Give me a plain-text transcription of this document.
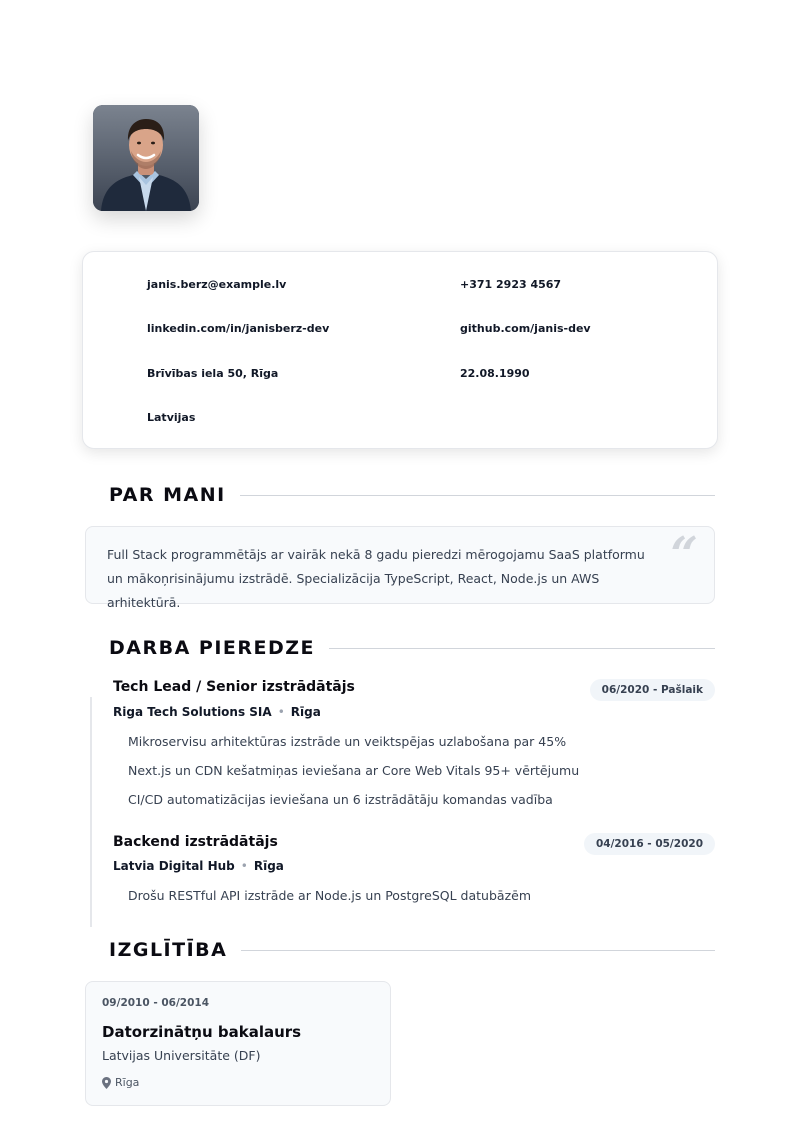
janis.berz@example.lv	+371 2923 4567
linkedin.com/in/janisberz-dev	github.com/janis-dev
Brīvības iela 50, Rīga	22.08.1990
Latvijas
PAR MANI
“
Full Stack programmētājs ar vairāk nekā 8 gadu pieredzi mērogojamu SaaS platformu un mākoņrisinājumu izstrādē. Specializācija TypeScript, React, Node.js un AWS arhitektūrā.
DARBA PIEREDZE
Tech Lead / Senior izstrādātājs	06/2020 - Pašlaik
Riga Tech Solutions SIA • Rīga
Mikroservisu arhitektūras izstrāde un veiktspējas uzlabošana par 45%
Next.js un CDN kešatmiņas ieviešana ar Core Web Vitals 95+ vērtējumu
CI/CD automatizācijas ieviešana un 6 izstrādātāju komandas vadība
Backend izstrādātājs	04/2016 - 05/2020
Latvia Digital Hub • Rīga
Drošu RESTful API izstrāde ar Node.js un PostgreSQL datubāzēm
IZGLĪTĪBA
09/2010 - 06/2014
Datorzinātņu bakalaurs
Latvijas Universitāte (DF)
Rīga
